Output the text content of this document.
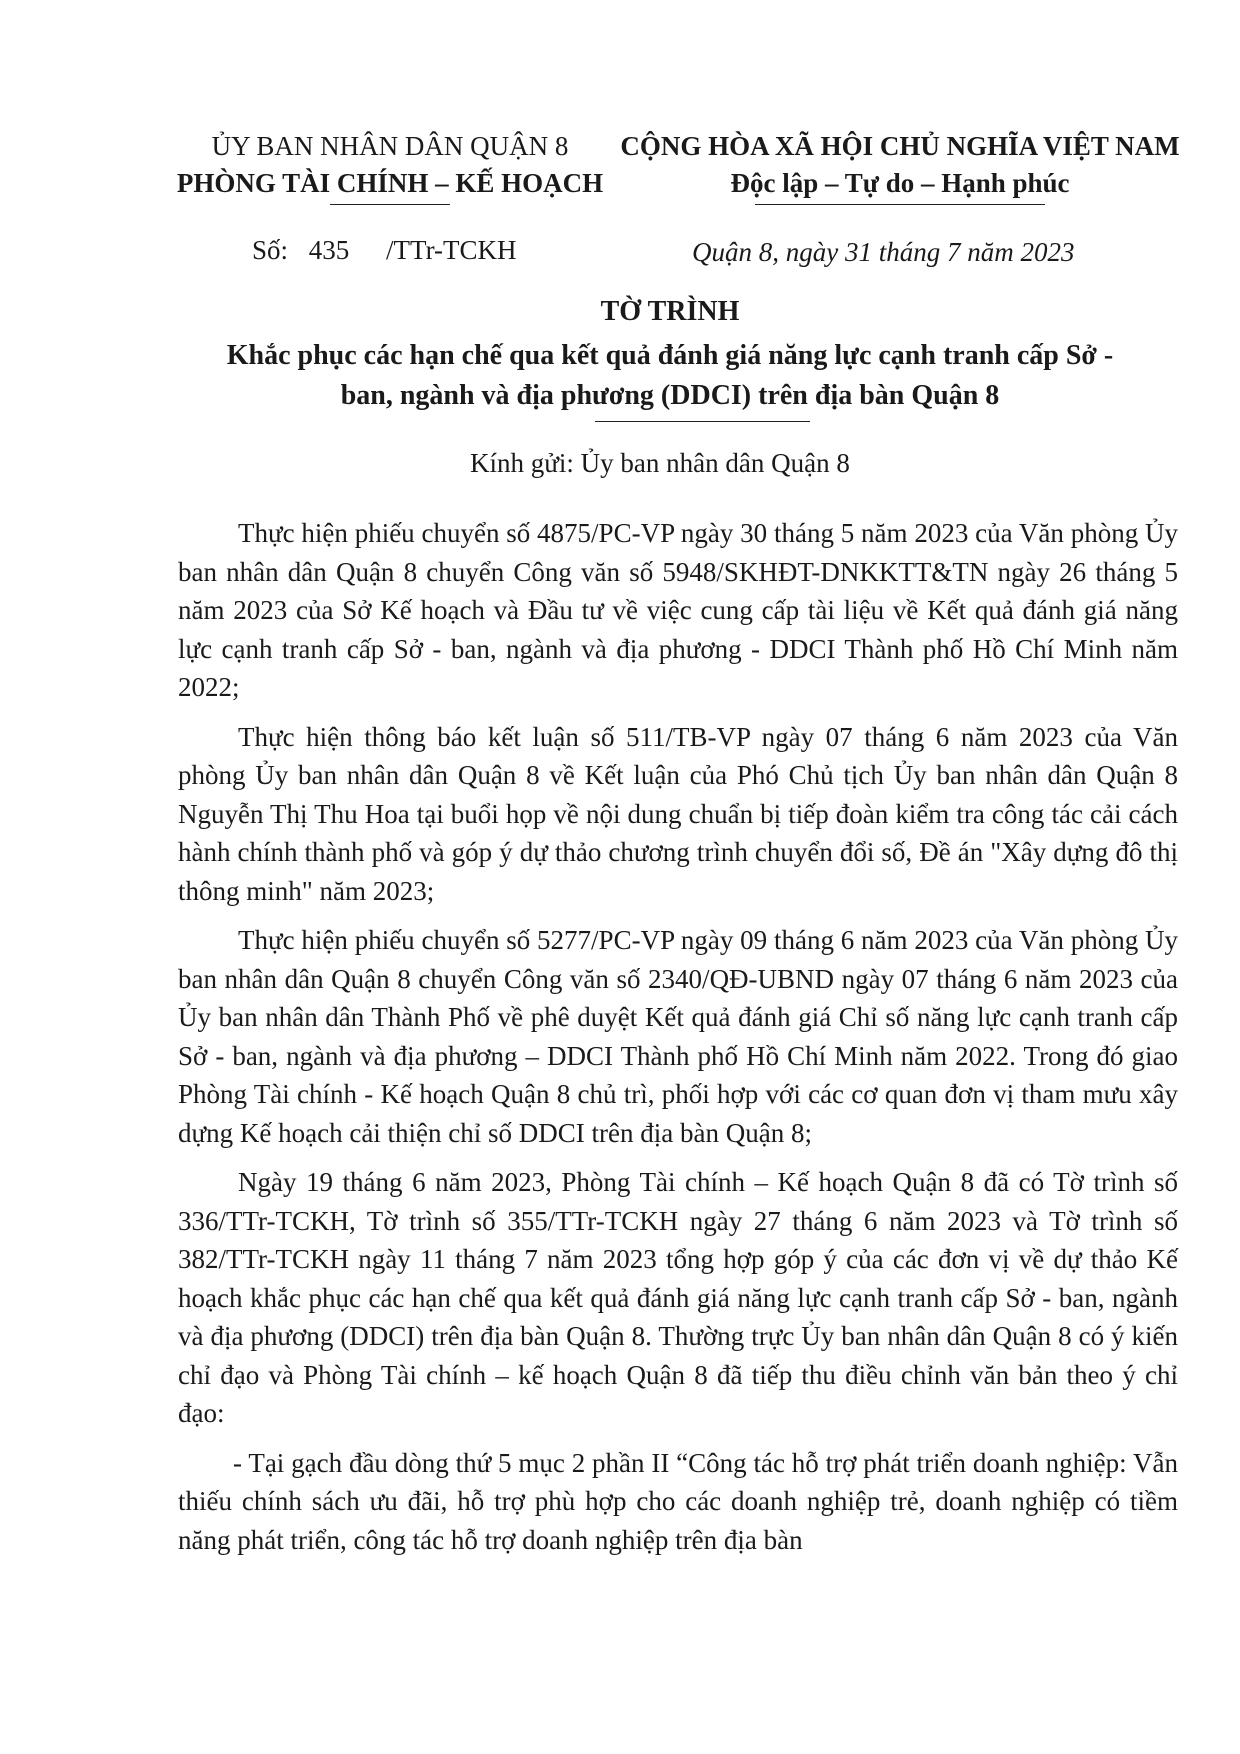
ỦY BAN NHÂN DÂN QUẬN 8
PHÒNG TÀI CHÍNH – KẾ HOẠCH
CỘNG HÒA XÃ HỘI CHỦ NGHĨA VIỆT NAM
Độc lập – Tự do – Hạnh phúc
Số: 435 /TTr-TCKH	Quận 8, ngày 31 tháng 7 năm 2023
TỜ TRÌNH
Khắc phục các hạn chế qua kết quả đánh giá năng lực cạnh tranh cấp Sở -
ban, ngành và địa phương (DDCI) trên địa bàn Quận 8
Kính gửi: Ủy ban nhân dân Quận 8

Thực hiện phiếu chuyển số 4875/PC-VP ngày 30 tháng 5 năm 2023 của Văn phòng Ủy ban nhân dân Quận 8 chuyển Công văn số 5948/SKHĐT-DNKKTT&TN ngày 26 tháng 5 năm 2023 của Sở Kế hoạch và Đầu tư về việc cung cấp tài liệu về Kết quả đánh giá năng lực cạnh tranh cấp Sở - ban, ngành và địa phương - DDCI Thành phố Hồ Chí Minh năm 2022;

Thực hiện thông báo kết luận số 511/TB-VP ngày 07 tháng 6 năm 2023 của Văn phòng Ủy ban nhân dân Quận 8 về Kết luận của Phó Chủ tịch Ủy ban nhân dân Quận 8 Nguyễn Thị Thu Hoa tại buổi họp về nội dung chuẩn bị tiếp đoàn kiểm tra công tác cải cách hành chính thành phố và góp ý dự thảo chương trình chuyển đổi số, Đề án "Xây dựng đô thị thông minh" năm 2023;

Thực hiện phiếu chuyển số 5277/PC-VP ngày 09 tháng 6 năm 2023 của Văn phòng Ủy ban nhân dân Quận 8 chuyển Công văn số 2340/QĐ-UBND ngày 07 tháng 6 năm 2023 của Ủy ban nhân dân Thành Phố về phê duyệt Kết quả đánh giá Chỉ số năng lực cạnh tranh cấp Sở - ban, ngành và địa phương – DDCI Thành phố Hồ Chí Minh năm 2022. Trong đó giao Phòng Tài chính - Kế hoạch Quận 8 chủ trì, phối hợp với các cơ quan đơn vị tham mưu xây dựng Kế hoạch cải thiện chỉ số DDCI trên địa bàn Quận 8;

Ngày 19 tháng 6 năm 2023, Phòng Tài chính – Kế hoạch Quận 8 đã có Tờ trình số 336/TTr-TCKH, Tờ trình số 355/TTr-TCKH ngày 27 tháng 6 năm 2023 và Tờ trình số 382/TTr-TCKH ngày 11 tháng 7 năm 2023 tổng hợp góp ý của các đơn vị về dự thảo Kế hoạch khắc phục các hạn chế qua kết quả đánh giá năng lực cạnh tranh cấp Sở - ban, ngành và địa phương (DDCI) trên địa bàn Quận 8. Thường trực Ủy ban nhân dân Quận 8 có ý kiến chỉ đạo và Phòng Tài chính – kế hoạch Quận 8 đã tiếp thu điều chỉnh văn bản theo ý chỉ đạo:

- Tại gạch đầu dòng thứ 5 mục 2 phần II “Công tác hỗ trợ phát triển doanh nghiệp: Vẫn thiếu chính sách ưu đãi, hỗ trợ phù hợp cho các doanh nghiệp trẻ, doanh nghiệp có tiềm năng phát triển, công tác hỗ trợ doanh nghiệp trên địa bàn
